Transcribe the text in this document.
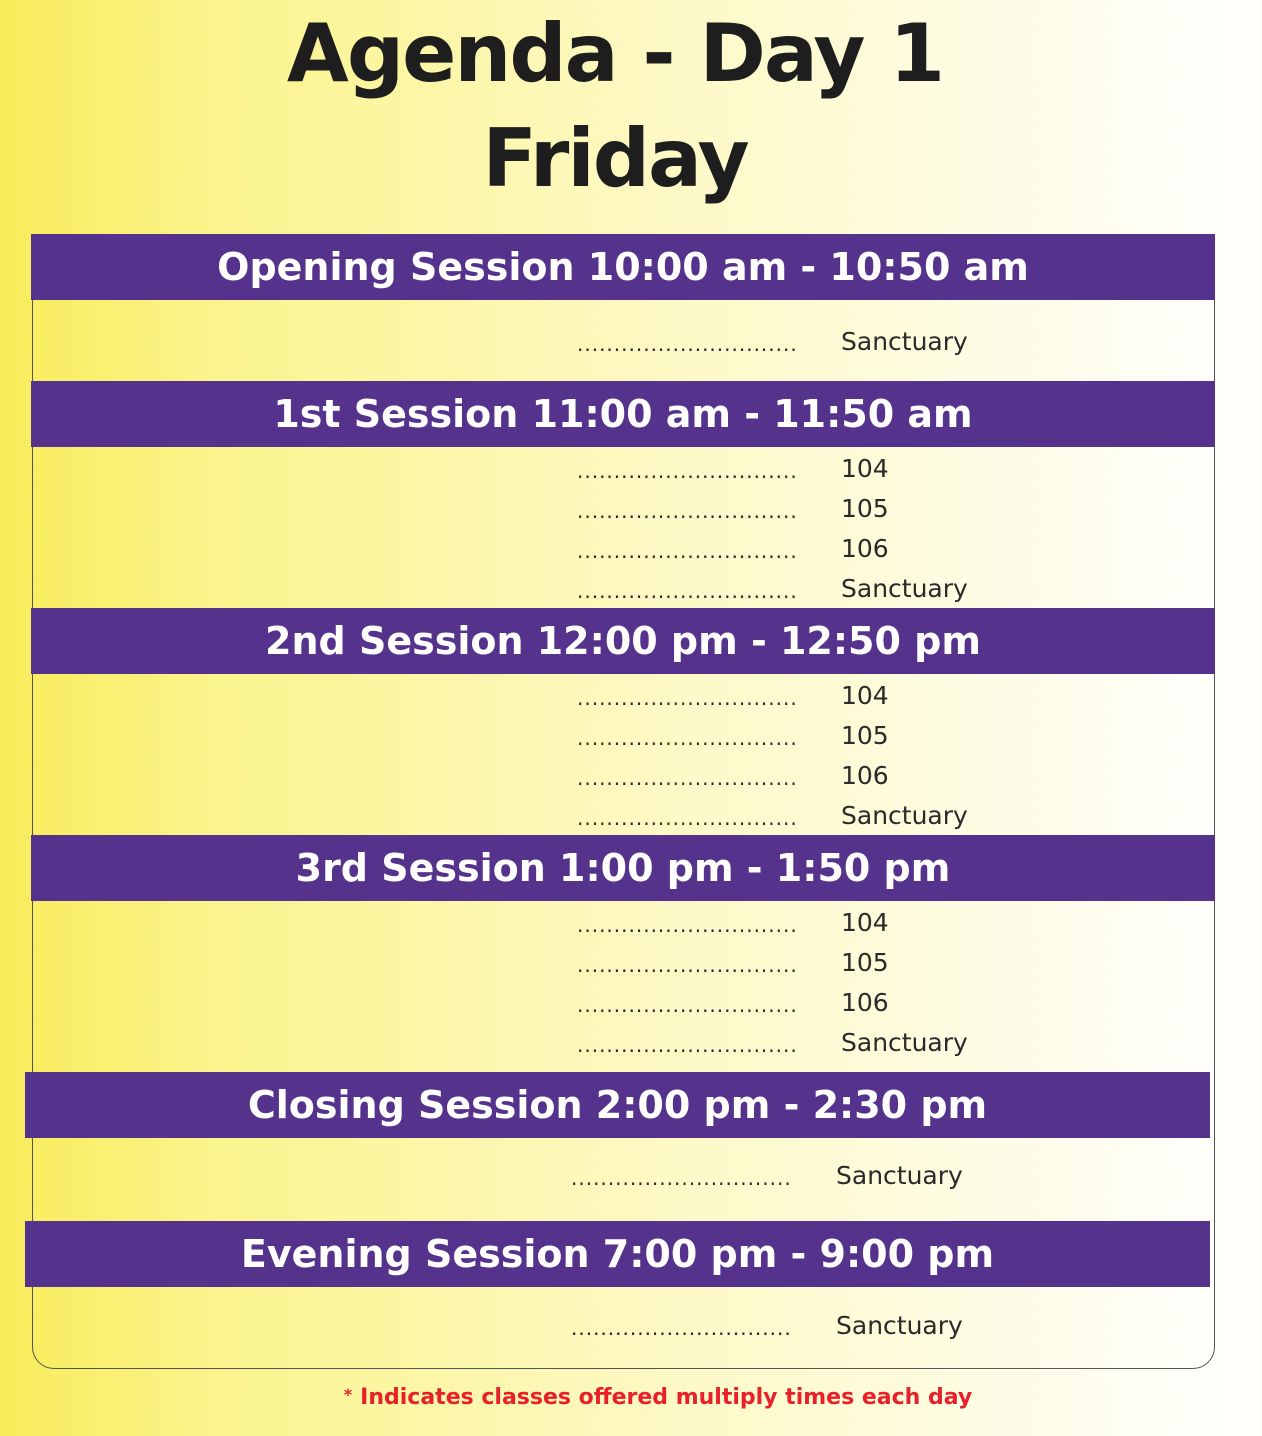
Agenda - Day 1
Friday
Opening Session 10:00 am - 10:50 am
..............................	Sanctuary
1st Session 11:00 am - 11:50 am
..............................	104
..............................	105
..............................	106
..............................	Sanctuary
2nd Session 12:00 pm - 12:50 pm
..............................	104
..............................	105
..............................	106
..............................	Sanctuary
3rd Session 1:00 pm - 1:50 pm
..............................	104
..............................	105
..............................	106
..............................	Sanctuary
Closing Session 2:00 pm - 2:30 pm
..............................	Sanctuary
Evening Session 7:00 pm - 9:00 pm
..............................	Sanctuary
* Indicates classes offered multiply times each day
